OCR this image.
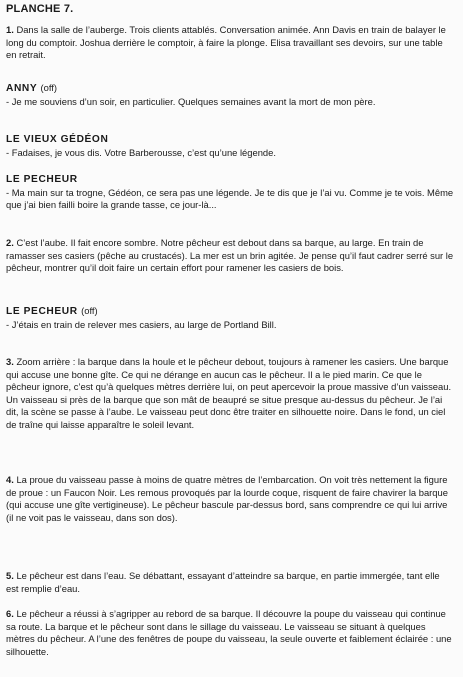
PLANCHE 7.

1. Dans la salle de l’auberge. Trois clients attablés. Conversation animée. Ann Davis en train de balayer le long du comptoir. Joshua derrière le comptoir, à faire la plonge. Elisa travaillant ses devoirs, sur une table en retrait.

ANNY (off)

- Je me souviens d’un soir, en particulier. Quelques semaines avant la mort de mon père.

LE VIEUX GÉDÉON

- Fadaises, je vous dis. Votre Barberousse, c’est qu’une légende.

LE PECHEUR

- Ma main sur ta trogne, Gédéon, ce sera pas une légende. Je te dis que je l’ai vu. Comme je te vois. Même que j’ai bien failli boire la grande tasse, ce jour-là...

2. C’est l’aube. Il fait encore sombre. Notre pêcheur est debout dans sa barque, au large. En train de ramasser ses casiers (pêche au crustacés). La mer est un brin agitée. Je pense qu’il faut cadrer serré sur le pêcheur, montrer qu’il doit faire un certain effort pour ramener les casiers de bois.

LE PECHEUR (off)

- J’étais en train de relever mes casiers, au large de Portland Bill.

3. Zoom arrière : la barque dans la houle et le pêcheur debout, toujours à ramener les casiers. Une barque qui accuse une bonne gîte. Ce qui ne dérange en aucun cas le pêcheur. Il a le pied marin. Ce que le pêcheur ignore, c’est qu’à quelques mètres derrière lui, on peut apercevoir la proue massive d’un vaisseau. Un vaisseau si près de la barque que son mât de beaupré se situe presque au-dessus du pêcheur. Je l’ai dit, la scène se passe à l’aube. Le vaisseau peut donc être traiter en silhouette noire. Dans le fond, un ciel de traîne qui laisse apparaître le soleil levant.

4. La proue du vaisseau passe à moins de quatre mètres de l’embarcation. On voit très nettement la figure de proue : un Faucon Noir. Les remous provoqués par la lourde coque, risquent de faire chavirer la barque (qui accuse une gîte vertigineuse). Le pêcheur bascule par-dessus bord, sans comprendre ce qui lui arrive (il ne voit pas le vaisseau, dans son dos).

5. Le pêcheur est dans l’eau. Se débattant, essayant d’atteindre sa barque, en partie immergée, tant elle est remplie d’eau.

6. Le pêcheur a réussi à s’agripper au rebord de sa barque. Il découvre la poupe du vaisseau qui continue sa route. La barque et le pêcheur sont dans le sillage du vaisseau. Le vaisseau se situant à quelques mètres du pêcheur. A l’une des fenêtres de poupe du vaisseau, la seule ouverte et faiblement éclairée : une silhouette.
